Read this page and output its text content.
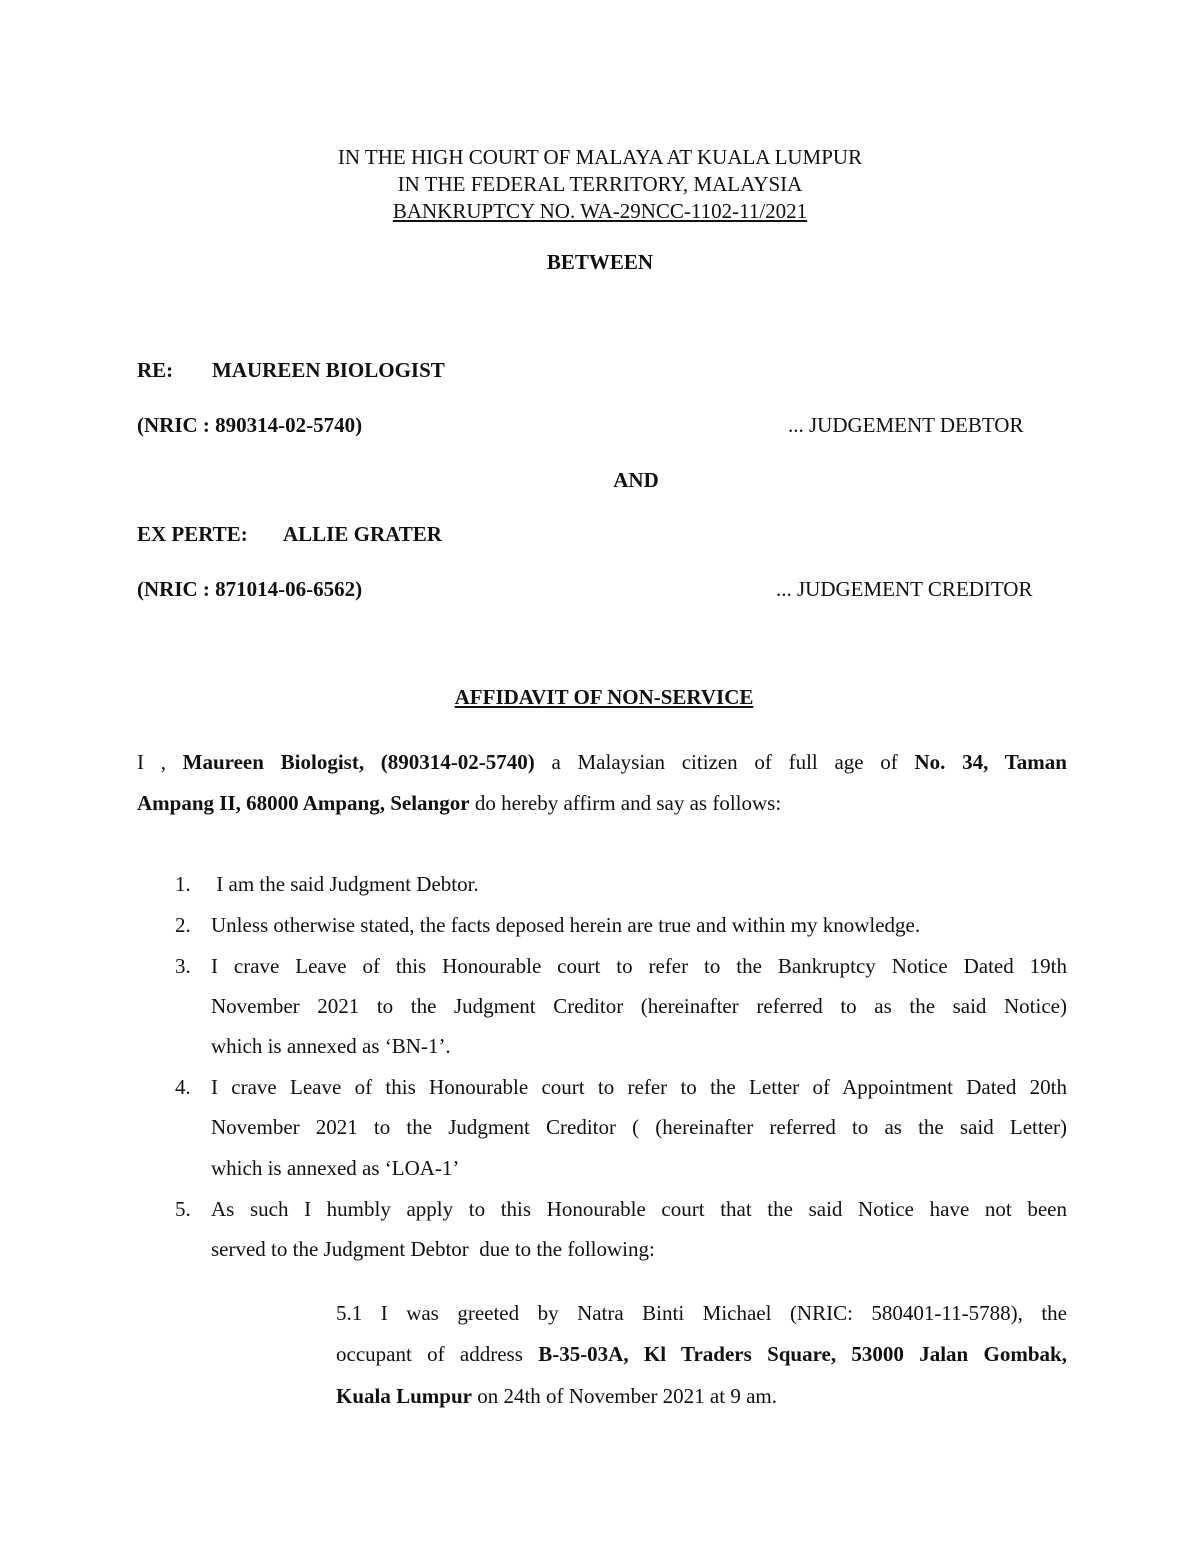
IN THE HIGH COURT OF MALAYA AT KUALA LUMPUR
IN THE FEDERAL TERRITORY, MALAYSIA
BANKRUPTCY NO. WA-29NCC-1102-11/2021
BETWEEN
RE: MAUREEN BIOLOGIST
(NRIC : 890314-02-5740)	... JUDGEMENT DEBTOR
AND
EX PERTE: ALLIE GRATER
(NRIC : 871014-06-6562)	... JUDGEMENT CREDITOR
AFFIDAVIT OF NON-SERVICE
I , Maureen Biologist, (890314-02-5740) a Malaysian citizen of full age of No. 34, Taman
Ampang II, 68000 Ampang, Selangor do hereby affirm and say as follows:
1. I am the said Judgment Debtor.
2. Unless otherwise stated, the facts deposed herein are true and within my knowledge.
3. I crave Leave of this Honourable court to refer to the Bankruptcy Notice Dated 19th
November 2021 to the Judgment Creditor (hereinafter referred to as the said Notice)
which is annexed as ‘BN-1’.
4. I crave Leave of this Honourable court to refer to the Letter of Appointment Dated 20th
November 2021 to the Judgment Creditor ( (hereinafter referred to as the said Letter)
which is annexed as ‘LOA-1’
5. As such I humbly apply to this Honourable court that the said Notice have not been
served to the Judgment Debtor  due to the following:
5.1 I was greeted by Natra Binti Michael (NRIC: 580401-11-5788), the
occupant of address B-35-03A, Kl Traders Square, 53000 Jalan Gombak,
Kuala Lumpur on 24th of November 2021 at 9 am.
